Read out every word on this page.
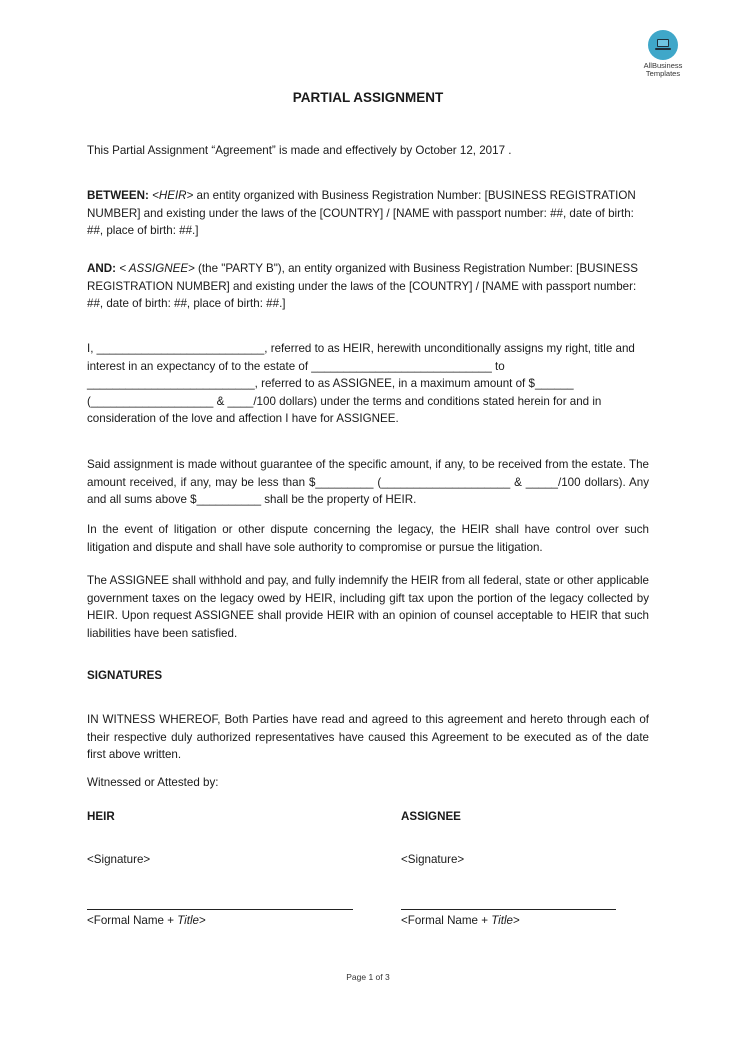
AllBusiness
Templates
PARTIAL ASSIGNMENT

This Partial Assignment “Agreement” is made and effectively by October 12, 2017 .

BETWEEN: <HEIR> an entity organized with Business Registration Number: [BUSINESS REGISTRATION NUMBER] and existing under the laws of the [COUNTRY] / [NAME with passport number: ##, date of birth: ##, place of birth: ##.]

AND: < ASSIGNEE> (the "PARTY B"), an entity organized with Business Registration Number: [BUSINESS REGISTRATION NUMBER] and existing under the laws of the [COUNTRY] / [NAME with passport number: ##, date of birth: ##, place of birth: ##.]

I, __________________________, referred to as HEIR, herewith unconditionally assigns my right, title and interest in an expectancy of to the estate of ____________________________ to __________________________, referred to as ASSIGNEE, in a maximum amount of $______ (___________________ & ____/100 dollars) under the terms and conditions stated herein for and in consideration of the love and affection I have for ASSIGNEE.

Said assignment is made without guarantee of the specific amount, if any, to be received from the estate. The amount received, if any, may be less than $_________ (____________________ & _____/100 dollars). Any and all sums above $__________ shall be the property of HEIR.

In the event of litigation or other dispute concerning the legacy, the HEIR shall have control over such litigation and dispute and shall have sole authority to compromise or pursue the litigation.

The ASSIGNEE shall withhold and pay, and fully indemnify the HEIR from all federal, state or other applicable government taxes on the legacy owed by HEIR, including gift tax upon the portion of the legacy collected by HEIR. Upon request ASSIGNEE shall provide HEIR with an opinion of counsel acceptable to HEIR that such liabilities have been satisfied.

SIGNATURES

IN WITNESS WHEREOF, Both Parties have read and agreed to this agreement and hereto through each of their respective duly authorized representatives have caused this Agreement to be executed as of the date first above written.

Witnessed or Attested by:

HEIR	ASSIGNEE

<Signature>	<Signature>

<Formal Name + Title>	<Formal Name + Title>

Page 1 of 3
